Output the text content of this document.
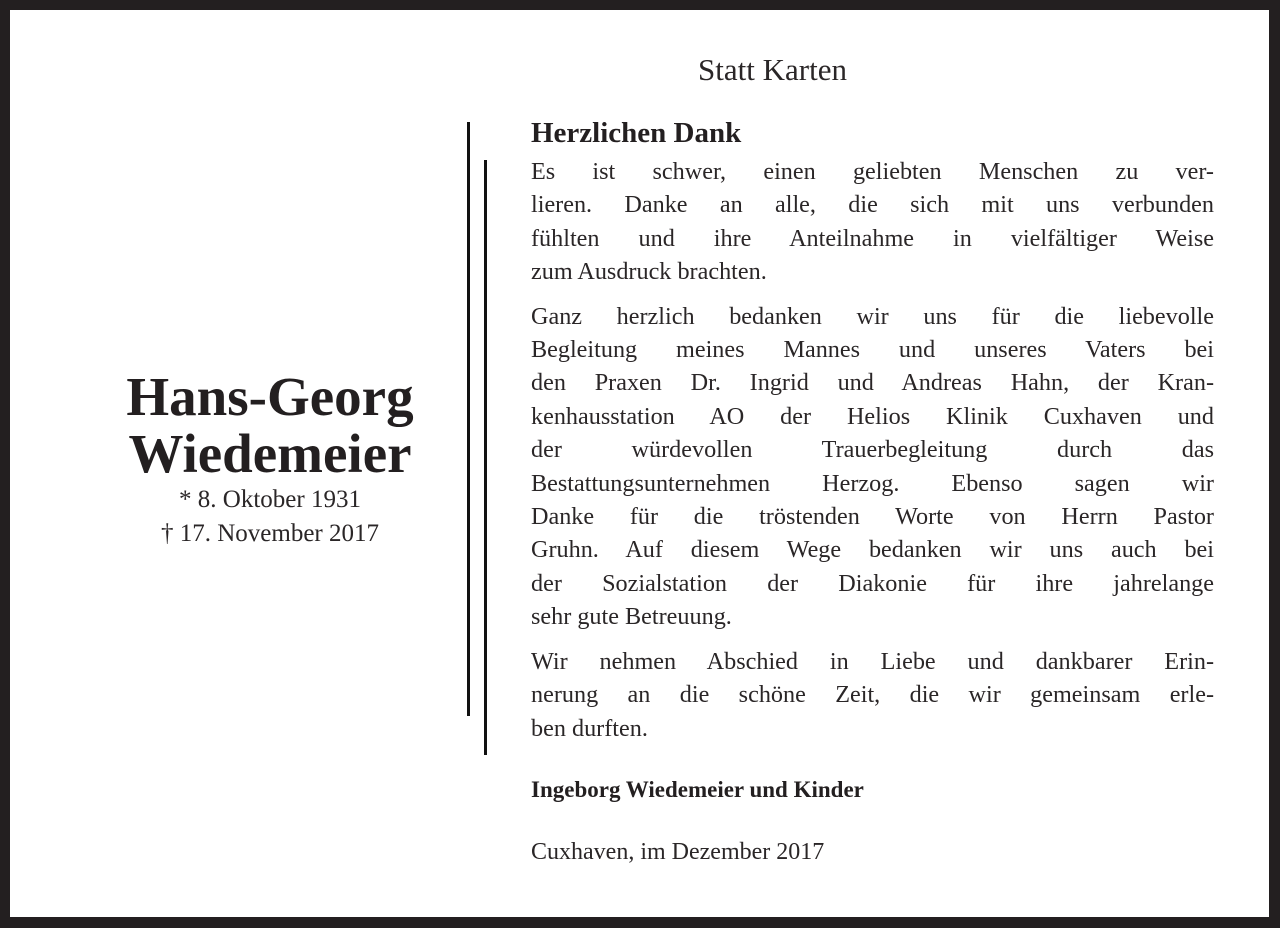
Statt Karten
Hans-Georg
Wiedemeier
* 8. Oktober 1931
† 17. November 2017
Herzlichen Dank
Es ist schwer, einen geliebten Menschen zu ver-
lieren. Danke an alle, die sich mit uns verbunden
fühlten und ihre Anteilnahme in vielfältiger Weise
zum Ausdruck brachten.
Ganz herzlich bedanken wir uns für die liebevolle
Begleitung meines Mannes und unseres Vaters bei
den Praxen Dr. Ingrid und Andreas Hahn, der Kran-
kenhausstation AO der Helios Klinik Cuxhaven und
der würdevollen Trauerbegleitung durch das
Bestattungsunternehmen Herzog. Ebenso sagen wir
Danke für die tröstenden Worte von Herrn Pastor
Gruhn. Auf diesem Wege bedanken wir uns auch bei
der Sozialstation der Diakonie für ihre jahrelange
sehr gute Betreuung.
Wir nehmen Abschied in Liebe und dankbarer Erin-
nerung an die schöne Zeit, die wir gemeinsam erle-
ben durften.
Ingeborg Wiedemeier und Kinder
Cuxhaven, im Dezember 2017
